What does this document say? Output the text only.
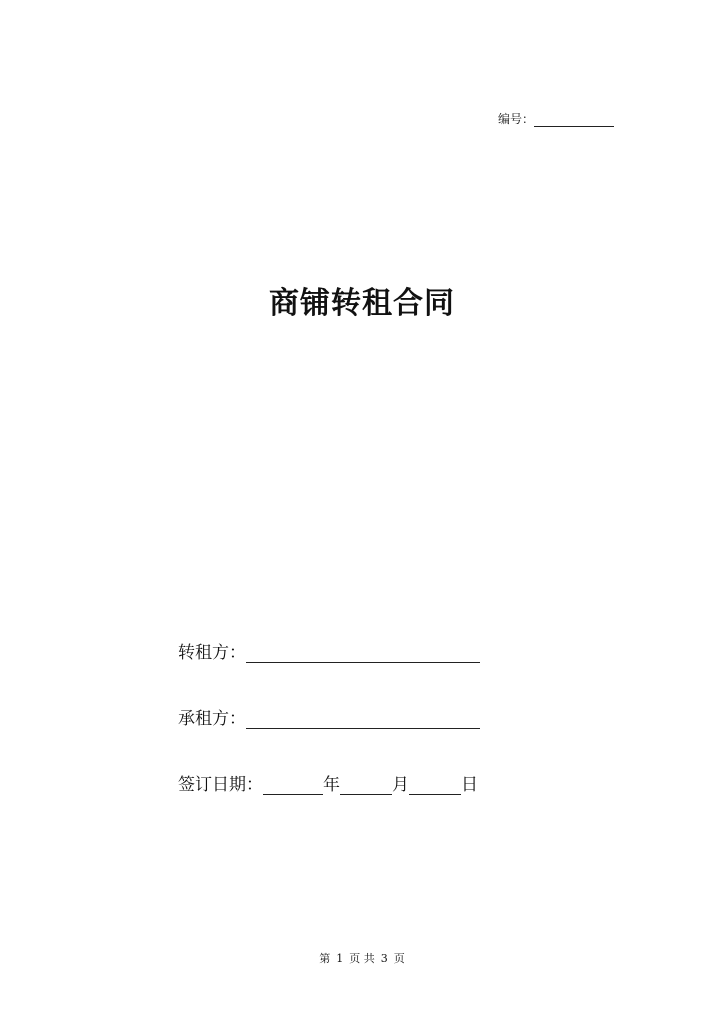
编号：
商铺转租合同
转租方：
承租方：
签订日期：	年	月	日
第 1 页 共 3 页
